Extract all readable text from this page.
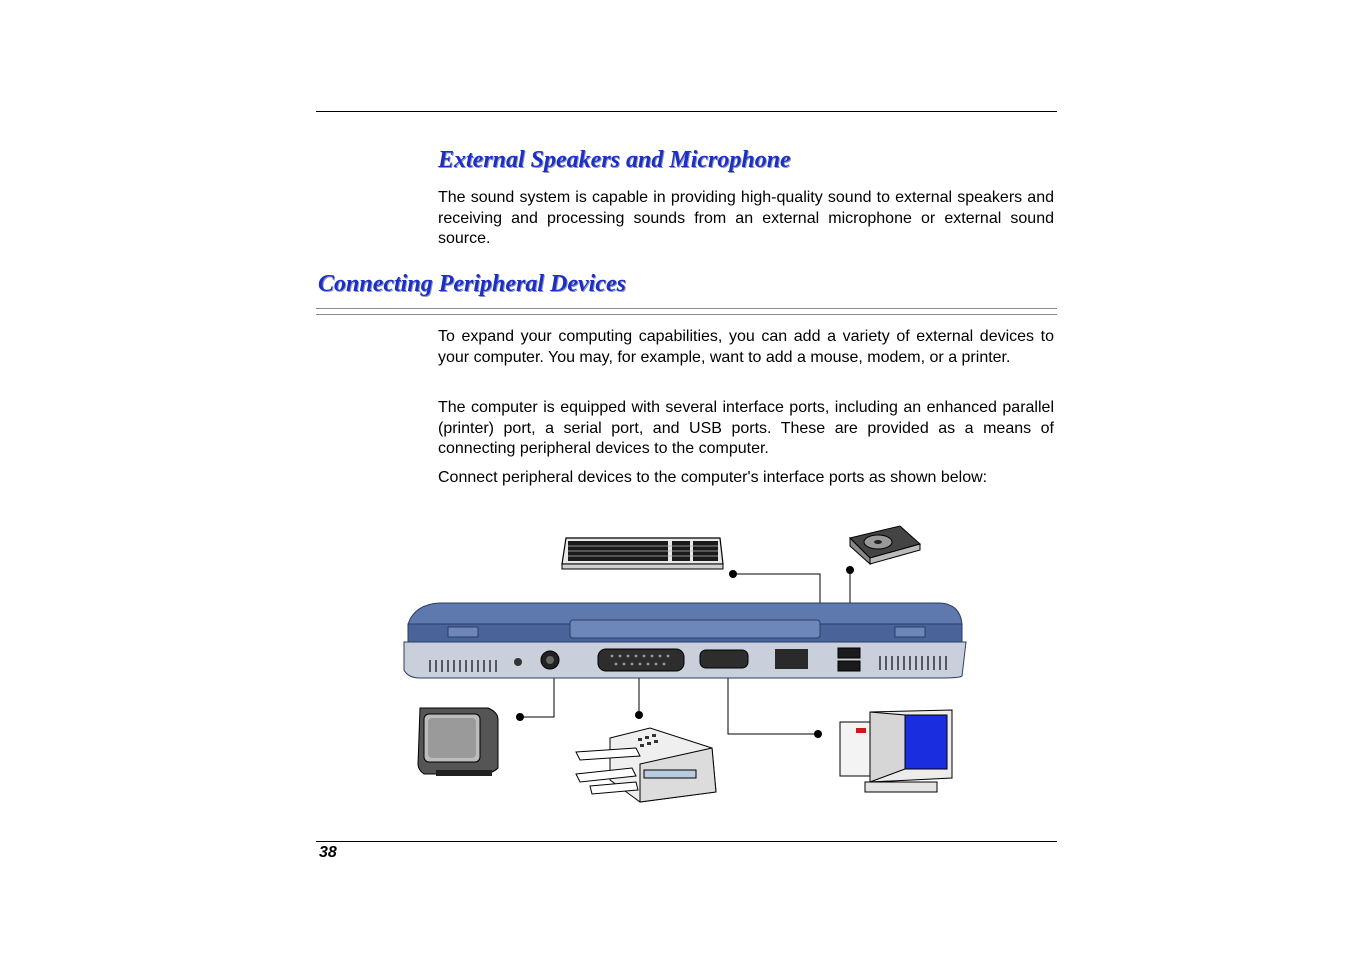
External Speakers and Microphone

The sound system is capable in providing high-quality sound to external speakers and receiving and processing sounds from an external microphone or external sound source.

Connecting Peripheral Devices

To expand your computing capabilities, you can add a variety of external devices to your computer. You may, for example, want to add a mouse, modem, or a printer.

The computer is equipped with several interface ports, including an enhanced parallel (printer) port, a serial port, and USB ports. These are provided as a means of connecting peripheral devices to the computer.

Connect peripheral devices to the computer's interface ports as shown below:

38
